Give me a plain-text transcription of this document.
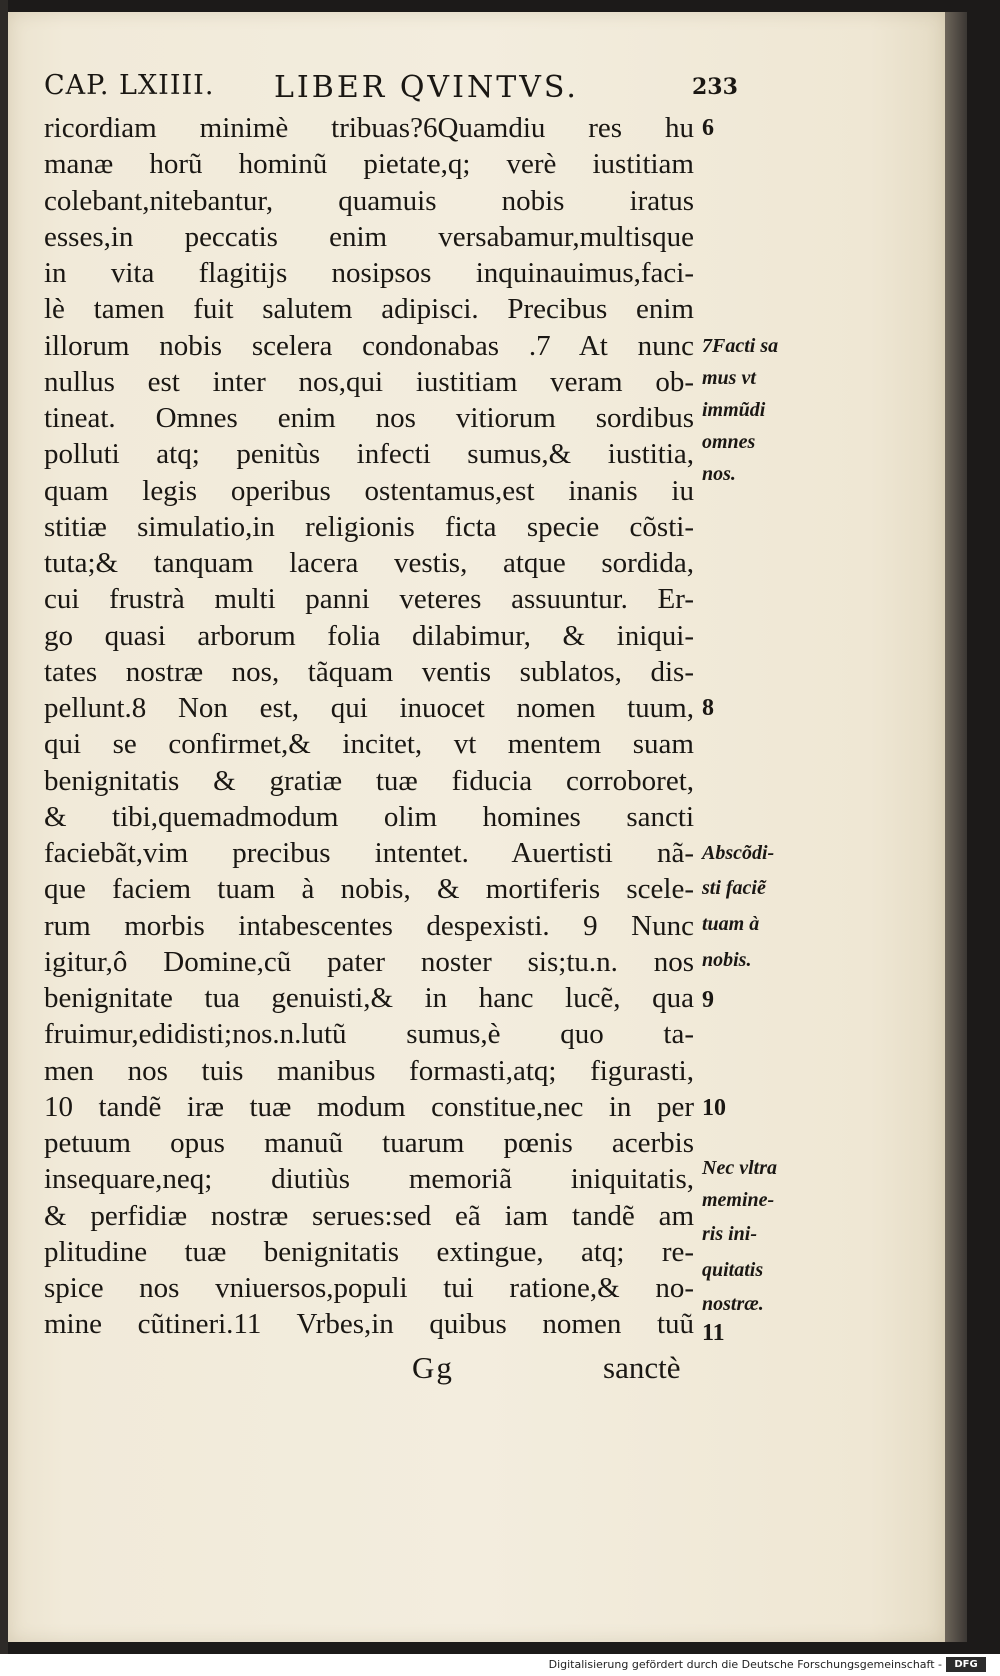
CAP. LXIIII. LIBER QVINTVS.	233
ricordiam minimè tribuas?6Quamdiu res hu
manæ horũ hominũ pietate,q; verè iustitiam
colebant,nitebantur, quamuis nobis iratus
esses,in peccatis enim versabamur,multisque
in vita flagitijs nosipsos inquinauimus,faci-
lè tamen fuit salutem adipisci. Precibus enim
illorum nobis scelera condonabas .7 At nunc
nullus est inter nos,qui iustitiam veram ob-
tineat. Omnes enim nos vitiorum sordibus
polluti atq; penitùs infecti sumus,& iustitia,
quam legis operibus ostentamus,est inanis iu
stitiæ simulatio,in religionis ficta specie cõsti-
tuta;& tanquam lacera vestis, atque sordida,
cui frustrà multi panni veteres assuuntur. Er-
go quasi arborum folia dilabimur, & iniqui-
tates nostræ nos, tãquam ventis sublatos, dis-
pellunt.8 Non est, qui inuocet nomen tuum,
qui se confirmet,& incitet, vt mentem suam
benignitatis & gratiæ tuæ fiducia corroboret,
& tibi,quemadmodum olim homines sancti
faciebãt,vim precibus intentet. Auertisti nã-
que faciem tuam à nobis, & mortiferis scele-
rum morbis intabescentes despexisti. 9 Nunc
igitur,ô Domine,cũ pater noster sis;tu.n. nos
benignitate tua genuisti,& in hanc lucẽ, qua
fruimur,edidisti;nos.n.lutũ sumus,è quo ta-
men nos tuis manibus formasti,atq; figurasti,
10 tandẽ iræ tuæ modum constitue,nec in per
petuum opus manuũ tuarum pœnis acerbis
insequare,neq; diutiùs memoriã iniquitatis,
& perfidiæ nostræ serues:sed eã iam tandẽ am
plitudine tuæ benignitatis extingue, atq; re-
spice nos vniuersos,populi tui ratione,& no-
mine cũtineri.11 Vrbes,in quibus nomen tuũ
6
7Facti sa
mus vt
immũdi
omnes
nos.
8
Abscõdi-
sti faciẽ
tuam à
nobis.
9
10
Nec vltra
memine-
ris ini-
quitatis
nostræ.
11
Gg	sanctè
Digitalisierung gefördert durch die Deutsche Forschungsgemeinschaft -	DFG
